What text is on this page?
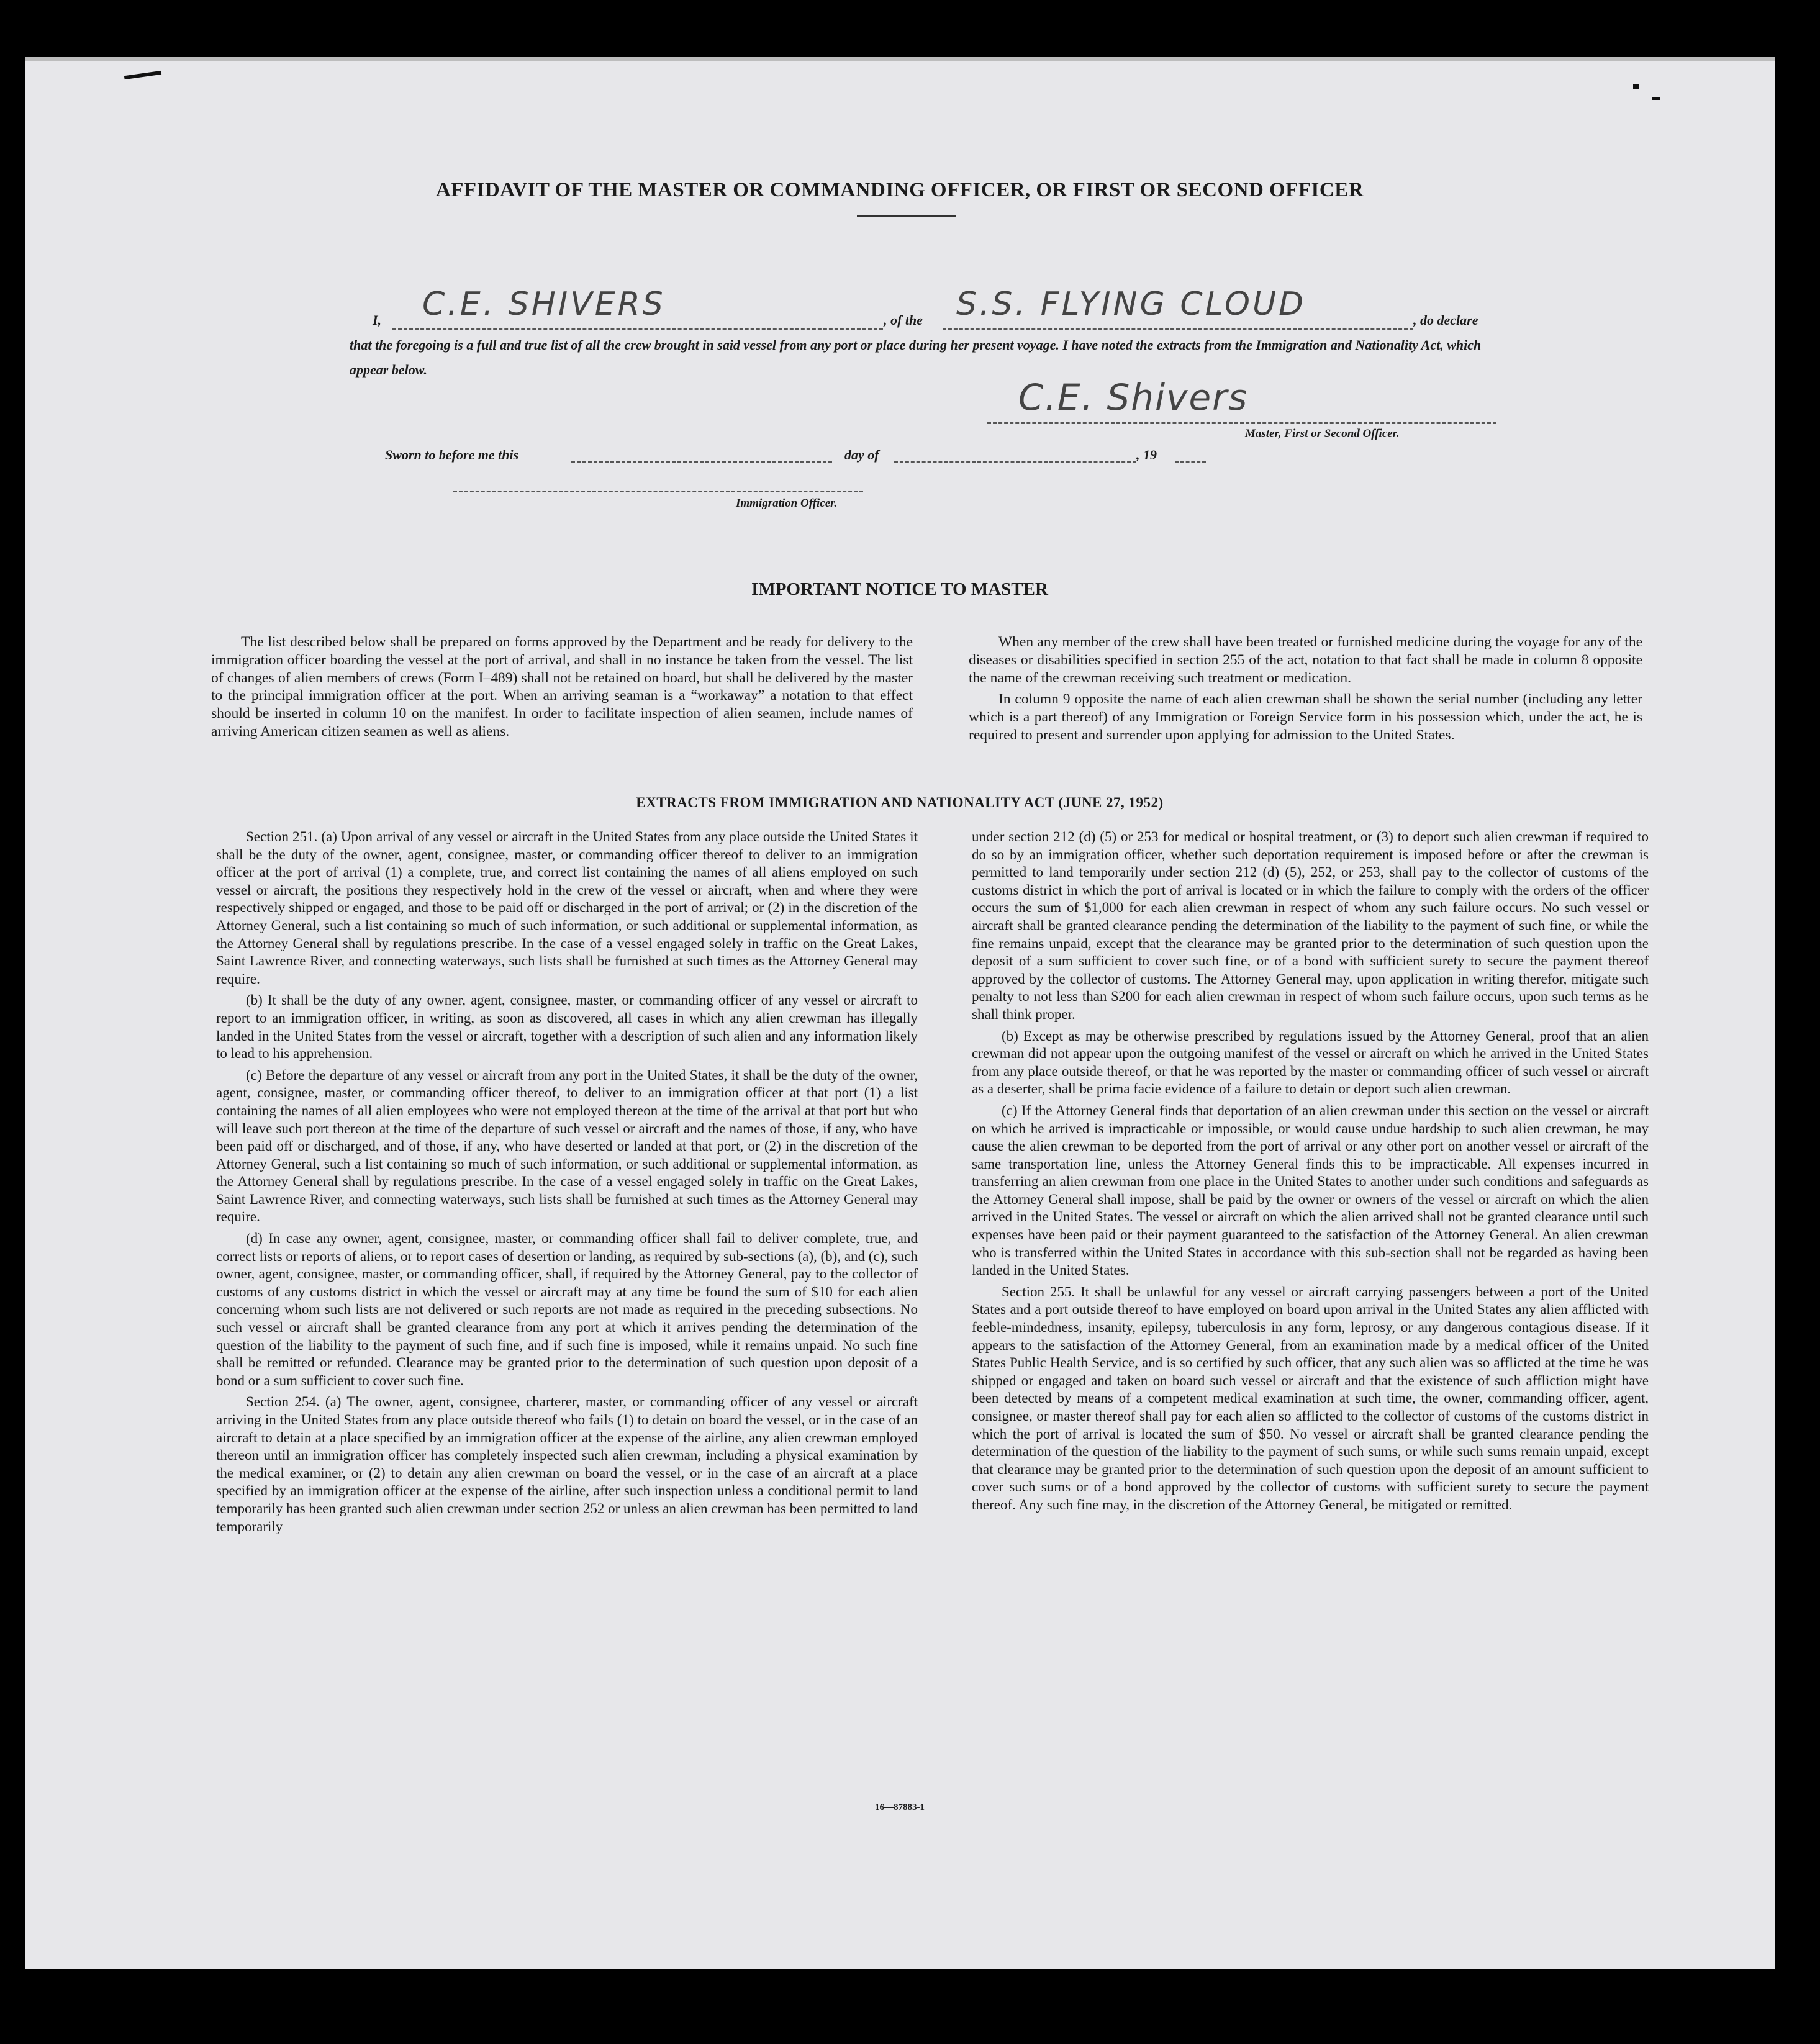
AFFIDAVIT OF THE MASTER OR COMMANDING OFFICER, OR FIRST OR SECOND OFFICER
I, C.E. SHIVERS	, of the S.S. FLYING CLOUD	, do declare
that the foregoing is a full and true list of all the crew brought in said vessel from any port or place during her present voyage. I have noted the extracts from the Immigration and Nationality Act, which appear below.
C.E. Shivers
Master, First or Second Officer.
Sworn to before me this	day of	, 19
Immigration Officer.
IMPORTANT NOTICE TO MASTER

The list described below shall be prepared on forms approved by the Department and be ready for delivery to the immigration officer boarding the vessel at the port of arrival, and shall in no instance be taken from the vessel. The list of changes of alien members of crews (Form I–489) shall not be retained on board, but shall be delivered by the master to the principal immigration officer at the port. When an arriving seaman is a “workaway” a notation to that effect should be inserted in column 10 on the manifest. In order to facilitate inspection of alien seamen, include names of arriving American citizen seamen as well as aliens.

When any member of the crew shall have been treated or furnished medicine during the voyage for any of the diseases or disabilities specified in section 255 of the act, notation to that fact shall be made in column 8 opposite the name of the crewman receiving such treatment or medication.

In column 9 opposite the name of each alien crewman shall be shown the serial number (including any letter which is a part thereof) of any Immigration or Foreign Service form in his possession which, under the act, he is required to present and surrender upon applying for admission to the United States.

EXTRACTS FROM IMMIGRATION AND NATIONALITY ACT (JUNE 27, 1952)

Section 251. (a) Upon arrival of any vessel or aircraft in the United States from any place outside the United States it shall be the duty of the owner, agent, consignee, master, or commanding officer thereof to deliver to an immigration officer at the port of arrival (1) a complete, true, and correct list containing the names of all aliens employed on such vessel or aircraft, the positions they respectively hold in the crew of the vessel or aircraft, when and where they were respectively shipped or engaged, and those to be paid off or discharged in the port of arrival; or (2) in the discretion of the Attorney General, such a list containing so much of such information, or such additional or supplemental information, as the Attorney General shall by regulations prescribe. In the case of a vessel engaged solely in traffic on the Great Lakes, Saint Lawrence River, and connecting waterways, such lists shall be furnished at such times as the Attorney General may require.

(b) It shall be the duty of any owner, agent, consignee, master, or commanding officer of any vessel or aircraft to report to an immigration officer, in writing, as soon as discovered, all cases in which any alien crewman has illegally landed in the United States from the vessel or aircraft, together with a description of such alien and any information likely to lead to his apprehension.

(c) Before the departure of any vessel or aircraft from any port in the United States, it shall be the duty of the owner, agent, consignee, master, or commanding officer thereof, to deliver to an immigration officer at that port (1) a list containing the names of all alien employees who were not employed thereon at the time of the arrival at that port but who will leave such port thereon at the time of the departure of such vessel or aircraft and the names of those, if any, who have been paid off or discharged, and of those, if any, who have deserted or landed at that port, or (2) in the discretion of the Attorney General, such a list containing so much of such information, or such additional or supplemental information, as the Attorney General shall by regulations prescribe. In the case of a vessel engaged solely in traffic on the Great Lakes, Saint Lawrence River, and connecting waterways, such lists shall be furnished at such times as the Attorney General may require.

(d) In case any owner, agent, consignee, master, or commanding officer shall fail to deliver complete, true, and correct lists or reports of aliens, or to report cases of desertion or landing, as required by sub-sections (a), (b), and (c), such owner, agent, consignee, master, or commanding officer, shall, if required by the Attorney General, pay to the collector of customs of any customs district in which the vessel or aircraft may at any time be found the sum of $10 for each alien concerning whom such lists are not delivered or such reports are not made as required in the preceding subsections. No such vessel or aircraft shall be granted clearance from any port at which it arrives pending the determination of the question of the liability to the payment of such fine, and if such fine is imposed, while it remains unpaid. No such fine shall be remitted or refunded. Clearance may be granted prior to the determination of such question upon deposit of a bond or a sum sufficient to cover such fine.

Section 254. (a) The owner, agent, consignee, charterer, master, or commanding officer of any vessel or aircraft arriving in the United States from any place outside thereof who fails (1) to detain on board the vessel, or in the case of an aircraft to detain at a place specified by an immigration officer at the expense of the airline, any alien crewman employed thereon until an immigration officer has completely inspected such alien crewman, including a physical examination by the medical examiner, or (2) to detain any alien crewman on board the vessel, or in the case of an aircraft at a place specified by an immigration officer at the expense of the airline, after such inspection unless a conditional permit to land temporarily has been granted such alien crewman under section 252 or unless an alien crewman has been permitted to land temporarily

under section 212 (d) (5) or 253 for medical or hospital treatment, or (3) to deport such alien crewman if required to do so by an immigration officer, whether such deportation requirement is imposed before or after the crewman is permitted to land temporarily under section 212 (d) (5), 252, or 253, shall pay to the collector of customs of the customs district in which the port of arrival is located or in which the failure to comply with the orders of the officer occurs the sum of $1,000 for each alien crewman in respect of whom any such failure occurs. No such vessel or aircraft shall be granted clearance pending the determination of the liability to the payment of such fine, or while the fine remains unpaid, except that the clearance may be granted prior to the determination of such question upon the deposit of a sum sufficient to cover such fine, or of a bond with sufficient surety to secure the payment thereof approved by the collector of customs. The Attorney General may, upon application in writing therefor, mitigate such penalty to not less than $200 for each alien crewman in respect of whom such failure occurs, upon such terms as he shall think proper.

(b) Except as may be otherwise prescribed by regulations issued by the Attorney General, proof that an alien crewman did not appear upon the outgoing manifest of the vessel or aircraft on which he arrived in the United States from any place outside thereof, or that he was reported by the master or commanding officer of such vessel or aircraft as a deserter, shall be prima facie evidence of a failure to detain or deport such alien crewman.

(c) If the Attorney General finds that deportation of an alien crewman under this section on the vessel or aircraft on which he arrived is impracticable or impossible, or would cause undue hardship to such alien crewman, he may cause the alien crewman to be deported from the port of arrival or any other port on another vessel or aircraft of the same transportation line, unless the Attorney General finds this to be impracticable. All expenses incurred in transferring an alien crewman from one place in the United States to another under such conditions and safeguards as the Attorney General shall impose, shall be paid by the owner or owners of the vessel or aircraft on which the alien arrived in the United States. The vessel or aircraft on which the alien arrived shall not be granted clearance until such expenses have been paid or their payment guaranteed to the satisfaction of the Attorney General. An alien crewman who is transferred within the United States in accordance with this sub-section shall not be regarded as having been landed in the United States.

Section 255. It shall be unlawful for any vessel or aircraft carrying passengers between a port of the United States and a port outside thereof to have employed on board upon arrival in the United States any alien afflicted with feeble-mindedness, insanity, epilepsy, tuberculosis in any form, leprosy, or any dangerous contagious disease. If it appears to the satisfaction of the Attorney General, from an examination made by a medical officer of the United States Public Health Service, and is so certified by such officer, that any such alien was so afflicted at the time he was shipped or engaged and taken on board such vessel or aircraft and that the existence of such affliction might have been detected by means of a competent medical examination at such time, the owner, commanding officer, agent, consignee, or master thereof shall pay for each alien so afflicted to the collector of customs of the customs district in which the port of arrival is located the sum of $50. No vessel or aircraft shall be granted clearance pending the determination of the question of the liability to the payment of such sums, or while such sums remain unpaid, except that clearance may be granted prior to the determination of such question upon the deposit of an amount sufficient to cover such sums or of a bond approved by the collector of customs with sufficient surety to secure the payment thereof. Any such fine may, in the discretion of the Attorney General, be mitigated or remitted.

16—87883-1
